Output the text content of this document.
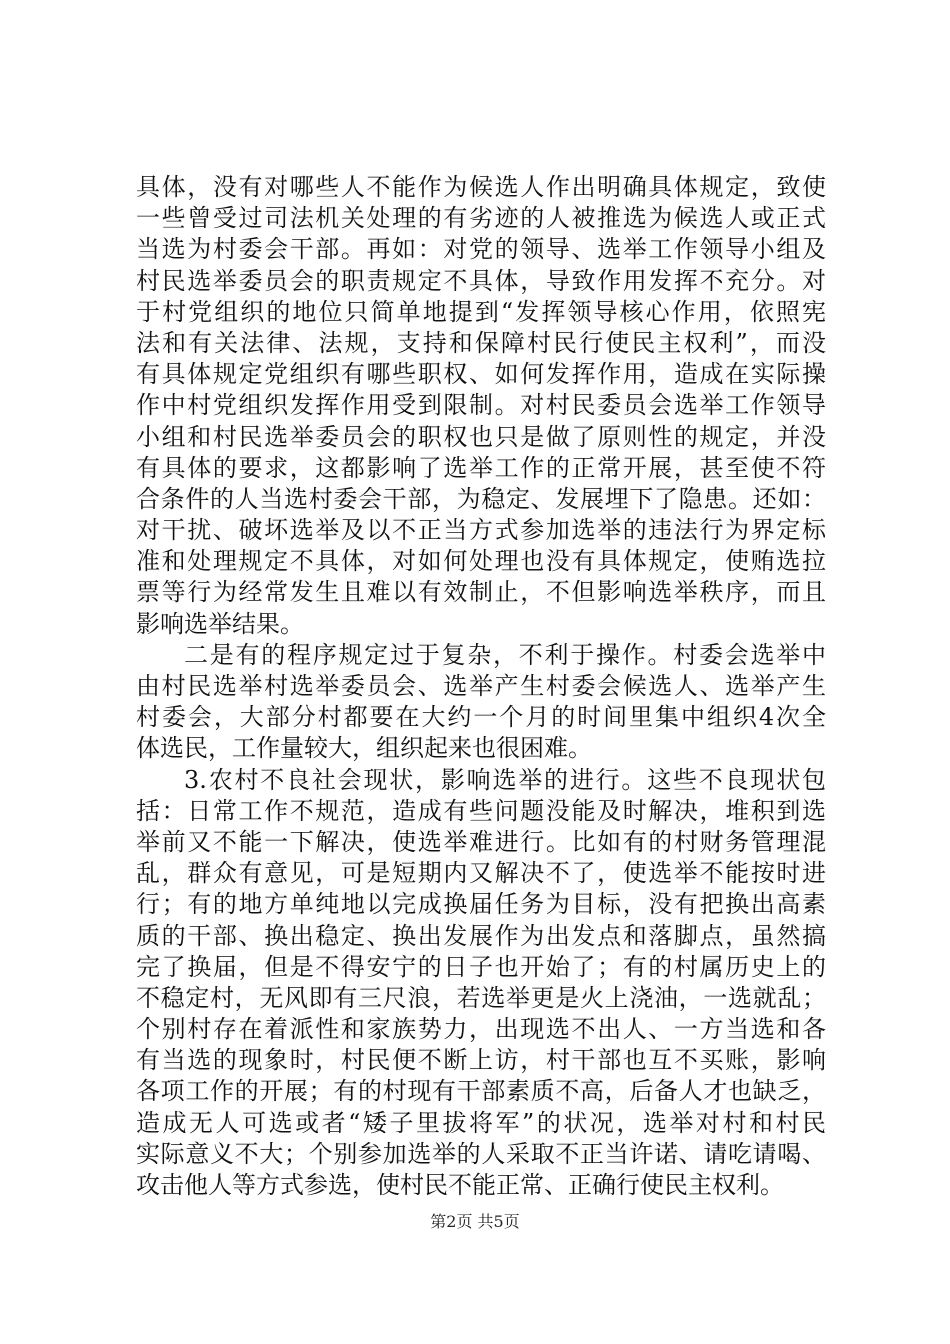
具体，没有对哪些人不能作为候选人作出明确具体规定，致使
一些曾受过司法机关处理的有劣迹的人被推选为候选人或正式
当选为村委会干部。再如：对党的领导、选举工作领导小组及
村民选举委员会的职责规定不具体，导致作用发挥不充分。对
于村党组织的地位只简单地提到“发挥领导核心作用，依照宪
法和有关法律、法规，支持和保障村民行使民主权利”，而没
有具体规定党组织有哪些职权、如何发挥作用，造成在实际操
作中村党组织发挥作用受到限制。对村民委员会选举工作领导
小组和村民选举委员会的职权也只是做了原则性的规定，并没
有具体的要求，这都影响了选举工作的正常开展，甚至使不符
合条件的人当选村委会干部，为稳定、发展埋下了隐患。还如：
对干扰、破坏选举及以不正当方式参加选举的违法行为界定标
准和处理规定不具体，对如何处理也没有具体规定，使贿选拉
票等行为经常发生且难以有效制止，不但影响选举秩序，而且
影响选举结果。
二是有的程序规定过于复杂，不利于操作。村委会选举中
由村民选举村选举委员会、选举产生村委会候选人、选举产生
村委会，大部分村都要在大约一个月的时间里集中组织4次全
体选民，工作量较大，组织起来也很困难。
3.农村不良社会现状，影响选举的进行。这些不良现状包
括：日常工作不规范，造成有些问题没能及时解决，堆积到选
举前又不能一下解决，使选举难进行。比如有的村财务管理混
乱，群众有意见，可是短期内又解决不了，使选举不能按时进
行；有的地方单纯地以完成换届任务为目标，没有把换出高素
质的干部、换出稳定、换出发展作为出发点和落脚点，虽然搞
完了换届，但是不得安宁的日子也开始了；有的村属历史上的
不稳定村，无风即有三尺浪，若选举更是火上浇油，一选就乱；
个别村存在着派性和家族势力，出现选不出人、一方当选和各
有当选的现象时，村民便不断上访，村干部也互不买账，影响
各项工作的开展；有的村现有干部素质不高，后备人才也缺乏，
造成无人可选或者“矮子里拔将军”的状况，选举对村和村民
实际意义不大；个别参加选举的人采取不正当许诺、请吃请喝、
攻击他人等方式参选，使村民不能正常、正确行使民主权利。
第2页 共5页
